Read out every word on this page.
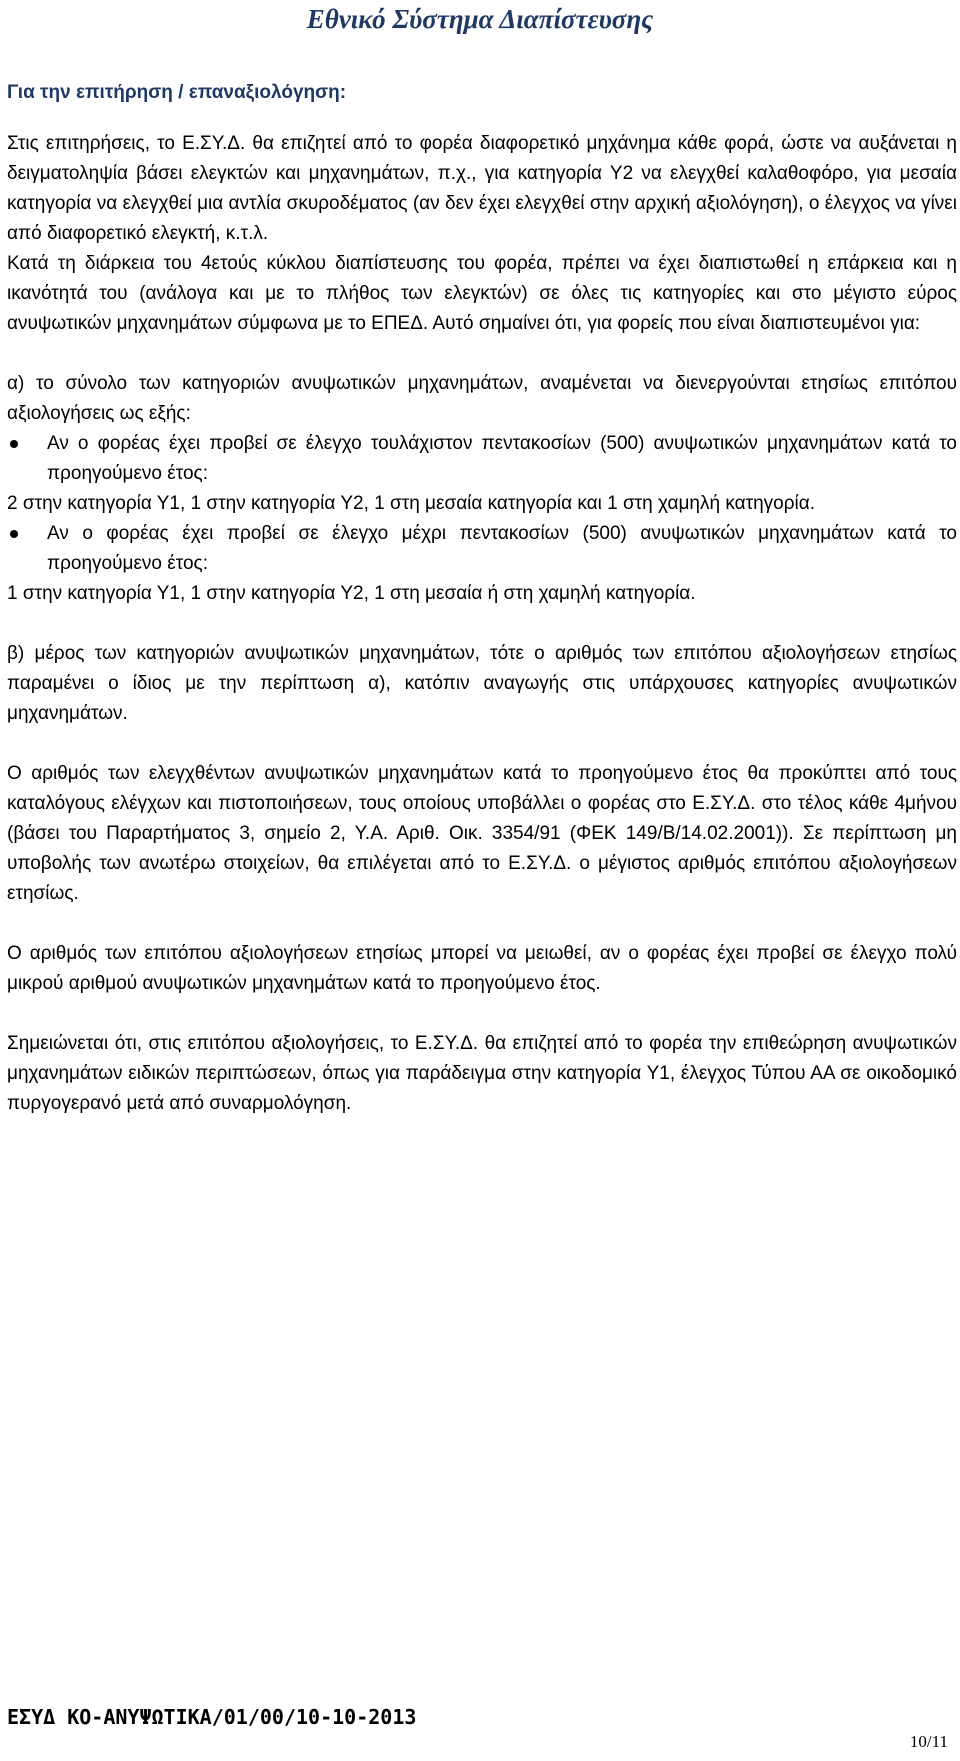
Εθνικό Σύστημα Διαπίστευσης
Για την επιτήρηση / επαναξιολόγηση:

Στις επιτηρήσεις, το Ε.ΣΥ.Δ. θα επιζητεί από το φορέα διαφορετικό μηχάνημα κάθε φορά, ώστε να αυξάνεται η δειγματοληψία βάσει ελεγκτών και μηχανημάτων, π.χ., για κατηγορία Υ2 να ελεγχθεί καλαθοφόρο, για μεσαία κατηγορία να ελεγχθεί μια αντλία σκυροδέματος (αν δεν έχει ελεγχθεί στην αρχική αξιολόγηση), ο έλεγχος να γίνει από διαφορετικό ελεγκτή, κ.τ.λ.

Κατά τη διάρκεια του 4ετούς κύκλου διαπίστευσης του φορέα, πρέπει να έχει διαπιστωθεί η επάρκεια και η ικανότητά του (ανάλογα και με το πλήθος των ελεγκτών) σε όλες τις κατηγορίες και στο μέγιστο εύρος ανυψωτικών μηχανημάτων σύμφωνα με το ΕΠΕΔ. Αυτό σημαίνει ότι, για φορείς που είναι διαπιστευμένοι για:

α) το σύνολο των κατηγοριών ανυψωτικών μηχανημάτων, αναμένεται να διενεργούνται ετησίως επιτόπου αξιολογήσεις ως εξής:

Αν ο φορέας έχει προβεί σε έλεγχο τουλάχιστον πεντακοσίων (500) ανυψωτικών μηχανημάτων κατά το προηγούμενο έτος:

2 στην κατηγορία Υ1, 1 στην κατηγορία Υ2, 1 στη μεσαία κατηγορία και 1 στη χαμηλή κατηγορία.

Αν ο φορέας έχει προβεί σε έλεγχο μέχρι πεντακοσίων (500) ανυψωτικών μηχανημάτων κατά το προηγούμενο έτος:

1 στην κατηγορία Υ1, 1 στην κατηγορία Υ2, 1 στη μεσαία ή στη χαμηλή κατηγορία.

β) μέρος των κατηγοριών ανυψωτικών μηχανημάτων, τότε ο αριθμός των επιτόπου αξιολογήσεων ετησίως παραμένει ο ίδιος με την περίπτωση α), κατόπιν αναγωγής στις υπάρχουσες κατηγορίες ανυψωτικών μηχανημάτων.

Ο αριθμός των ελεγχθέντων ανυψωτικών μηχανημάτων κατά το προηγούμενο έτος θα προκύπτει από τους καταλόγους ελέγχων και πιστοποιήσεων, τους οποίους υποβάλλει ο φορέας στο Ε.ΣΥ.Δ. στο τέλος κάθε 4μήνου (βάσει του Παραρτήματος 3, σημείο 2, Υ.Α. Αριθ. Οικ. 3354/91 (ΦΕΚ 149/Β/14.02.2001)). Σε περίπτωση μη υποβολής των ανωτέρω στοιχείων, θα επιλέγεται από το Ε.ΣΥ.Δ. ο μέγιστος αριθμός επιτόπου αξιολογήσεων ετησίως.

Ο αριθμός των επιτόπου αξιολογήσεων ετησίως μπορεί να μειωθεί, αν ο φορέας έχει προβεί σε έλεγχο πολύ μικρού αριθμού ανυψωτικών μηχανημάτων κατά το προηγούμενο έτος.

Σημειώνεται ότι, στις επιτόπου αξιολογήσεις, το Ε.ΣΥ.Δ. θα επιζητεί από το φορέα την επιθεώρηση ανυψωτικών μηχανημάτων ειδικών περιπτώσεων, όπως για παράδειγμα στην κατηγορία Υ1, έλεγχος Τύπου ΑΑ σε οικοδομικό πυργογερανό μετά από συναρμολόγηση.

ΕΣΥΔ ΚΟ-ΑΝΥΨΩΤΙΚΑ/01/00/10-10-2013
10/11
